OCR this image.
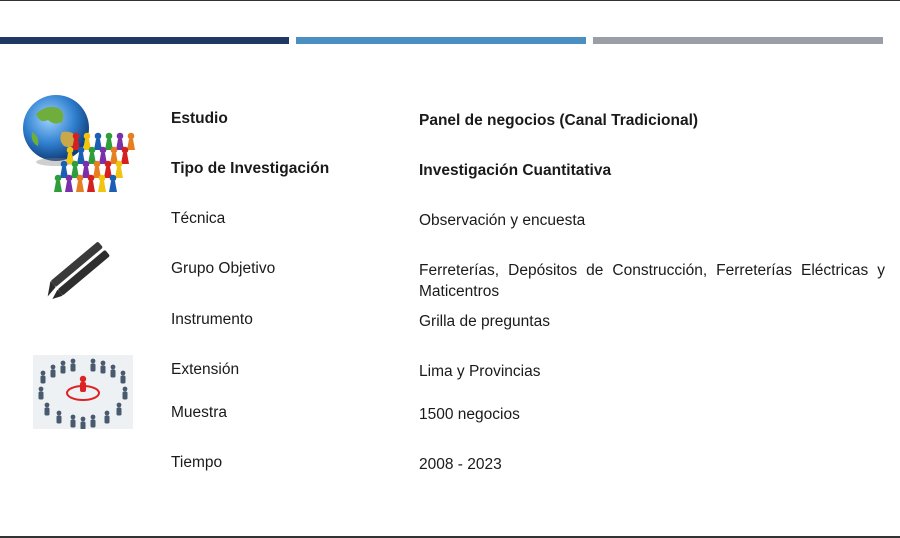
Estudio	Panel de negocios (Canal Tradicional)
Tipo de Investigación	Investigación Cuantitativa
Técnica	Observación y encuesta
Grupo Objetivo	Ferreterías, Depósitos de Construcción, Ferreterías Eléctricas y Maticentros
Instrumento	Grilla de preguntas
Extensión	Lima y Provincias
Muestra	1500 negocios
Tiempo	2008 - 2023
